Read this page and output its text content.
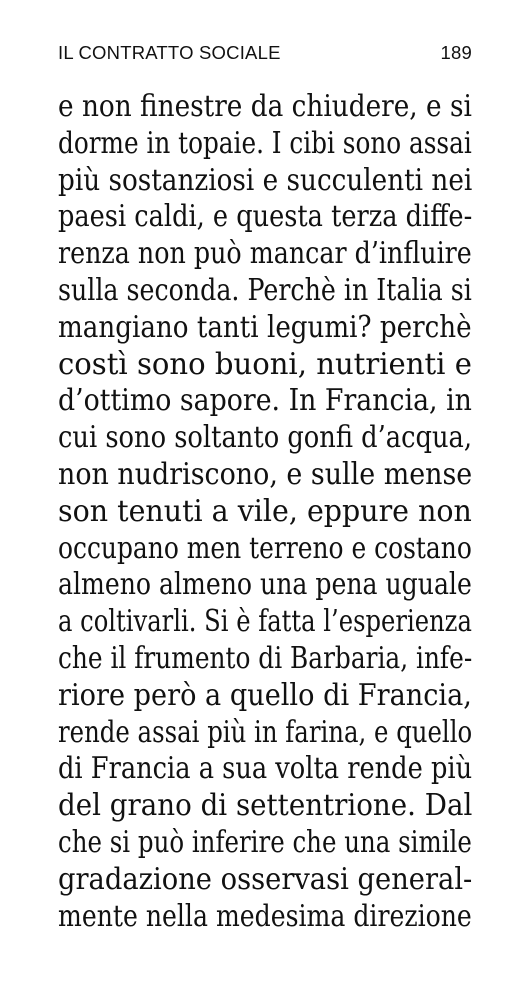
IL CONTRATTO SOCIALE	189
e non finestre da chiudere, e si
dorme in topaie. I cibi sono assai
più sostanziosi e succulenti nei
paesi caldi, e questa terza diffe-
renza non può mancar d’influire
sulla seconda. Perchè in Italia si
mangiano tanti legumi? perchè
costì sono buoni, nutrienti e
d’ottimo sapore. In Francia, in
cui sono soltanto gonfi d’acqua,
non nudriscono, e sulle mense
son tenuti a vile, eppure non
occupano men terreno e costano
almeno almeno una pena uguale
a coltivarli. Si è fatta l’esperienza
che il frumento di Barbaria, infe-
riore però a quello di Francia,
rende assai più in farina, e quello
di Francia a sua volta rende più
del grano di settentrione. Dal
che si può inferire che una simile
gradazione osservasi general-
mente nella medesima direzione
